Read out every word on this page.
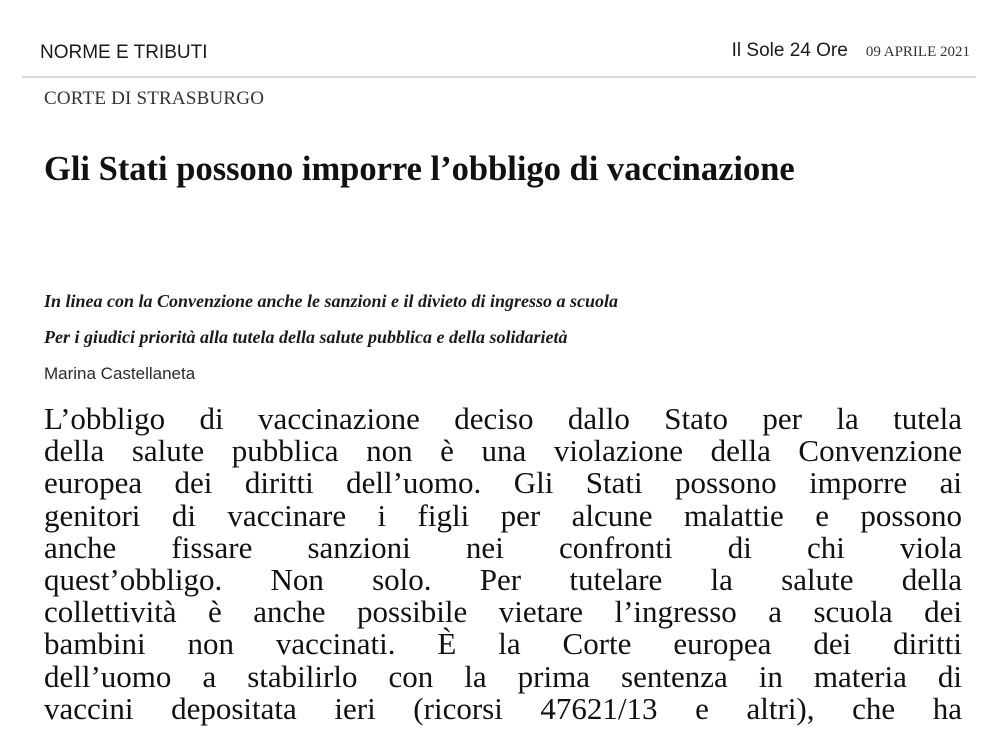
NORME E TRIBUTI	Il Sole 24 Ore 09 APRILE 2021
CORTE DI STRASBURGO
Gli Stati possono imporre l’obbligo di vaccinazione
In linea con la Convenzione anche le sanzioni e il divieto di ingresso a scuola
Per i giudici priorità alla tutela della salute pubblica e della solidarietà
Marina Castellaneta
L’obbligo di vaccinazione deciso dallo Stato per la tutela
della salute pubblica non è una violazione della Convenzione
europea dei diritti dell’uomo. Gli Stati possono imporre ai
genitori di vaccinare i figli per alcune malattie e possono
anche fissare sanzioni nei confronti di chi viola
quest’obbligo. Non solo. Per tutelare la salute della
collettività è anche possibile vietare l’ingresso a scuola dei
bambini non vaccinati. È la Corte europea dei diritti
dell’uomo a stabilirlo con la prima sentenza in materia di
vaccini depositata ieri (ricorsi 47621/13 e altri), che ha
